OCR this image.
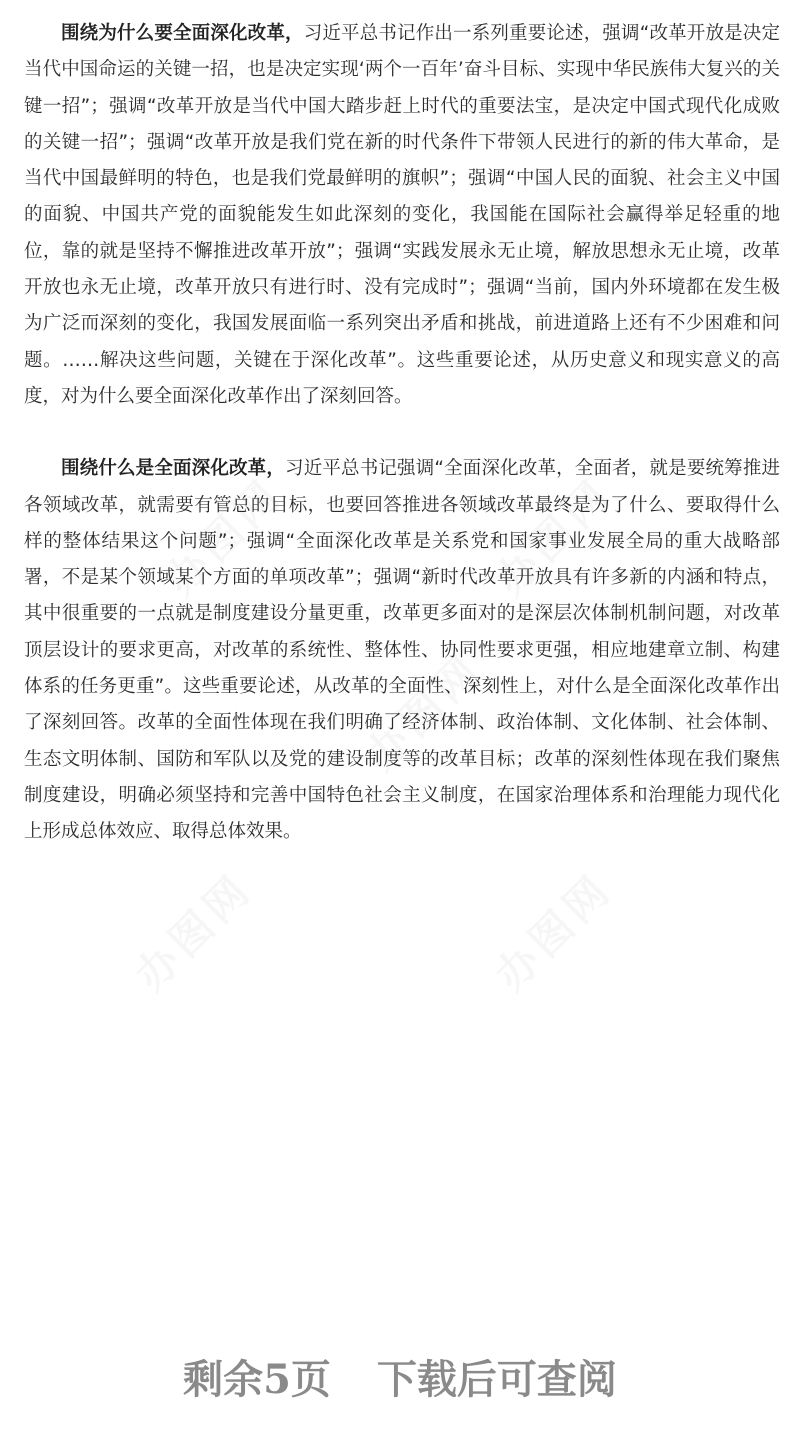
围绕为什么要全面深化改革，习近平总书记作出一系列重要论述，强调“改革开放是决定当代中国命运的关键一招，也是决定实现‘两个一百年’奋斗目标、实现中华民族伟大复兴的关键一招”；强调“改革开放是当代中国大踏步赶上时代的重要法宝，是决定中国式现代化成败的关键一招”；强调“改革开放是我们党在新的时代条件下带领人民进行的新的伟大革命，是当代中国最鲜明的特色，也是我们党最鲜明的旗帜”；强调“中国人民的面貌、社会主义中国的面貌、中国共产党的面貌能发生如此深刻的变化，我国能在国际社会赢得举足轻重的地位，靠的就是坚持不懈推进改革开放”；强调“实践发展永无止境，解放思想永无止境，改革开放也永无止境，改革开放只有进行时、没有完成时”；强调“当前，国内外环境都在发生极为广泛而深刻的变化，我国发展面临一系列突出矛盾和挑战，前进道路上还有不少困难和问题。……解决这些问题，关键在于深化改革”。这些重要论述，从历史意义和现实意义的高度，对为什么要全面深化改革作出了深刻回答。

围绕什么是全面深化改革，习近平总书记强调“全面深化改革，全面者，就是要统筹推进各领域改革，就需要有管总的目标，也要回答推进各领域改革最终是为了什么、要取得什么样的整体结果这个问题”；强调“全面深化改革是关系党和国家事业发展全局的重大战略部署，不是某个领域某个方面的单项改革”；强调“新时代改革开放具有许多新的内涵和特点，其中很重要的一点就是制度建设分量更重，改革更多面对的是深层次体制机制问题，对改革顶层设计的要求更高，对改革的系统性、整体性、协同性要求更强，相应地建章立制、构建体系的任务更重”。这些重要论述，从改革的全面性、深刻性上，对什么是全面深化改革作出了深刻回答。改革的全面性体现在我们明确了经济体制、政治体制、文化体制、社会体制、生态文明体制、国防和军队以及党的建设制度等的改革目标；改革的深刻性体现在我们聚焦制度建设，明确必须坚持和完善中国特色社会主义制度，在国家治理体系和治理能力现代化上形成总体效应、取得总体效果。

剩余5页 下载后可查阅
